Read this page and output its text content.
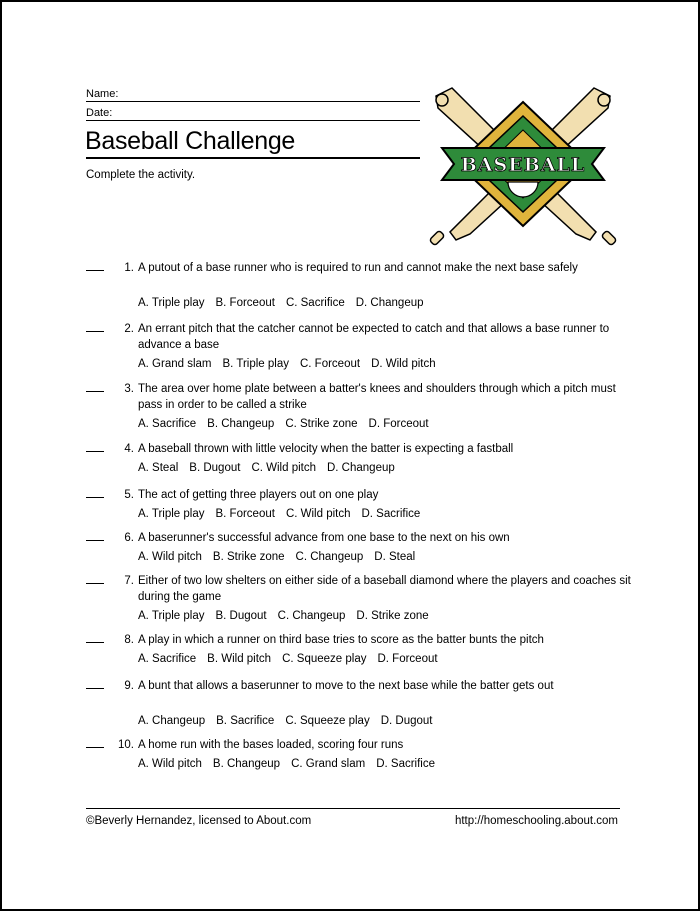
Name:
Date:
Baseball Challenge
Complete the activity.	BASEBALL
1. A putout of a base runner who is required to run and cannot make the next base safely
A. Triple play B. Forceout C. Sacrifice D. Changeup
2. An errant pitch that the catcher cannot be expected to catch and that allows a base runner to advance a base
A. Grand slam B. Triple play C. Forceout D. Wild pitch
3. The area over home plate between a batter's knees and shoulders through which a pitch must pass in order to be called a strike
A. Sacrifice B. Changeup C. Strike zone D. Forceout
4. A baseball thrown with little velocity when the batter is expecting a fastball
A. Steal B. Dugout C. Wild pitch D. Changeup
5. The act of getting three players out on one play
A. Triple play B. Forceout C. Wild pitch D. Sacrifice
6. A baserunner's successful advance from one base to the next on his own
A. Wild pitch B. Strike zone C. Changeup D. Steal
7. Either of two low shelters on either side of a baseball diamond where the players and coaches sit during the game
A. Triple play B. Dugout C. Changeup D. Strike zone
8. A play in which a runner on third base tries to score as the batter bunts the pitch
A. Sacrifice B. Wild pitch C. Squeeze play D. Forceout
9. A bunt that allows a baserunner to move to the next base while the batter gets out
A. Changeup B. Sacrifice C. Squeeze play D. Dugout
10. A home run with the bases loaded, scoring four runs
A. Wild pitch B. Changeup C. Grand slam D. Sacrifice
©Beverly Hernandez, licensed to About.com	http://homeschooling.about.com
